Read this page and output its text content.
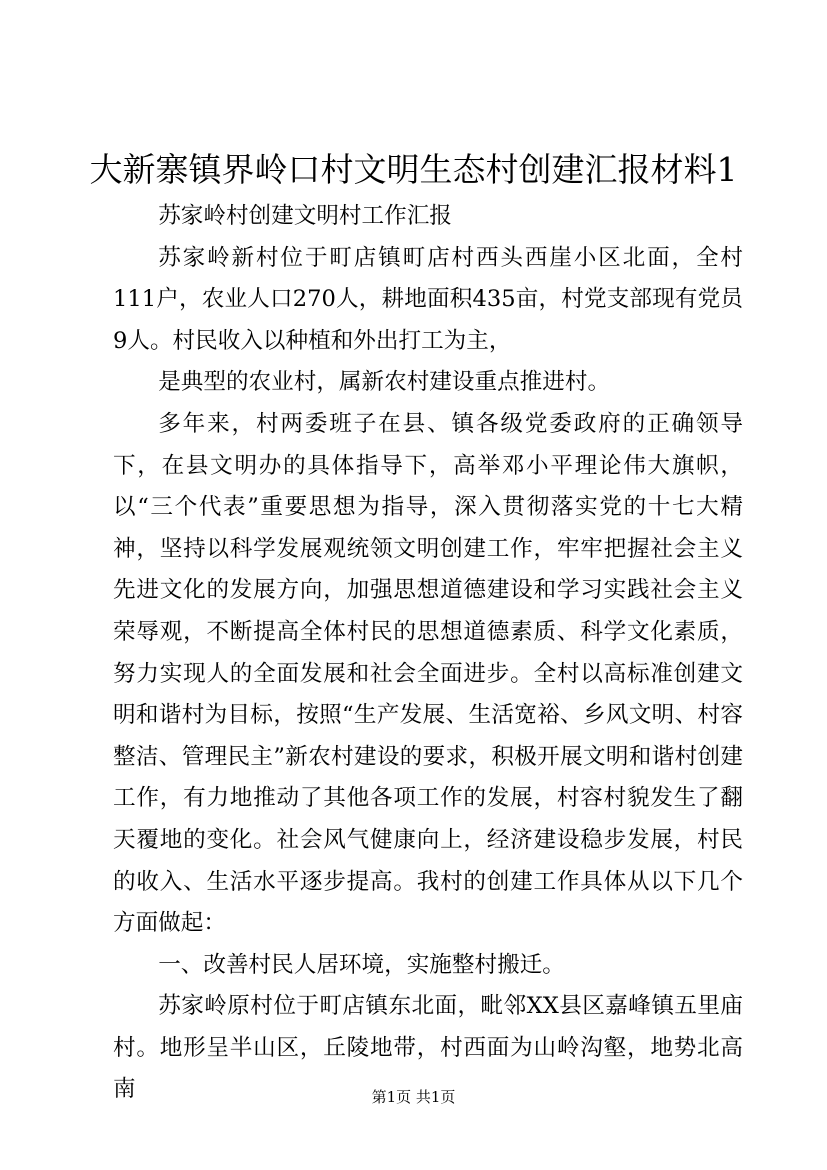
大新寨镇界岭口村文明生态村创建汇报材料1

苏家岭村创建文明村工作汇报

苏家岭新村位于町店镇町店村西头西崖小区北面，全村111户，农业人口270人，耕地面积435亩，村党支部现有党员9人。村民收入以种植和外出打工为主，

是典型的农业村，属新农村建设重点推进村。

多年来，村两委班子在县、镇各级党委政府的正确领导下，在县文明办的具体指导下，高举邓小平理论伟大旗帜，以“三个代表”重要思想为指导，深入贯彻落实党的十七大精神，坚持以科学发展观统领文明创建工作，牢牢把握社会主义先进文化的发展方向，加强思想道德建设和学习实践社会主义荣辱观，不断提高全体村民的思想道德素质、科学文化素质，努力实现人的全面发展和社会全面进步。全村以高标准创建文明和谐村为目标，按照“生产发展、生活宽裕、乡风文明、村容整洁、管理民主”新农村建设的要求，积极开展文明和谐村创建工作，有力地推动了其他各项工作的发展，村容村貌发生了翻天覆地的变化。社会风气健康向上，经济建设稳步发展，村民的收入、生活水平逐步提高。我村的创建工作具体从以下几个方面做起：

一、改善村民人居环境，实施整村搬迁。

苏家岭原村位于町店镇东北面，毗邻XX县区嘉峰镇五里庙村。地形呈半山区，丘陵地带，村西面为山岭沟壑，地势北高南	第1页 共1页
